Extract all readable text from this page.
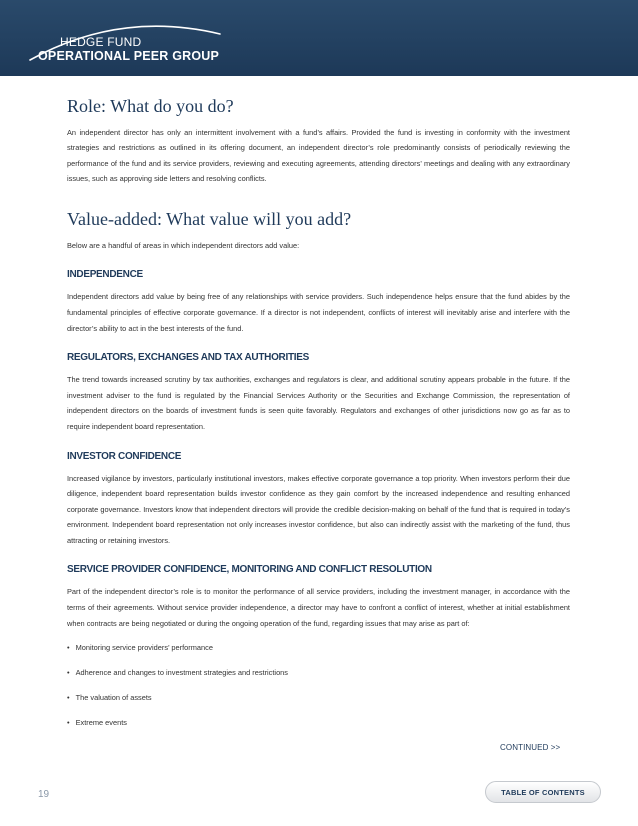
HEDGE FUND
OPERATIONAL PEER GROUP
Role: What do you do?

An independent director has only an intermittent involvement with a fund’s affairs. Provided the fund is investing in conformity with the investment strategies and restrictions as outlined in its offering document, an independent director’s role predominantly consists of periodically reviewing the performance of the fund and its service providers, reviewing and executing agreements, attending directors’ meetings and dealing with any extraordinary issues, such as approving side letters and resolving conflicts.

Value-added: What value will you add?

Below are a handful of areas in which independent directors add value:

INDEPENDENCE

Independent directors add value by being free of any relationships with service providers. Such independence helps ensure that the fund abides by the fundamental principles of effective corporate governance. If a director is not independent, conflicts of interest will inevitably arise and interfere with the director’s ability to act in the best interests of the fund.

REGULATORS, EXCHANGES AND TAX AUTHORITIES

The trend towards increased scrutiny by tax authorities, exchanges and regulators is clear, and additional scrutiny appears probable in the future. If the investment adviser to the fund is regulated by the Financial Services Authority or the Securities and Exchange Commission, the representation of independent directors on the boards of investment funds is seen quite favorably. Regulators and exchanges of other jurisdictions now go as far as to require independent board representation.

INVESTOR CONFIDENCE

Increased vigilance by investors, particularly institutional investors, makes effective corporate governance a top priority. When investors perform their due diligence, independent board representation builds investor confidence as they gain comfort by the increased independence and resulting enhanced corporate governance. Investors know that independent directors will provide the credible decision-making on behalf of the fund that is required in today’s environment. Independent board representation not only increases investor confidence, but also can indirectly assist with the marketing of the fund, thus attracting or retaining investors.

SERVICE PROVIDER CONFIDENCE, MONITORING AND CONFLICT RESOLUTION

Part of the independent director’s role is to monitor the performance of all service providers, including the investment manager, in accordance with the terms of their agreements. Without service provider independence, a director may have to confront a conflict of interest, whether at initial establishment when contracts are being negotiated or during the ongoing operation of the fund, regarding issues that may arise as part of:

• Monitoring service providers’ performance
• Adherence and changes to investment strategies and restrictions
• The valuation of assets
• Extreme events
CONTINUED >>
19	TABLE OF CONTENTS
